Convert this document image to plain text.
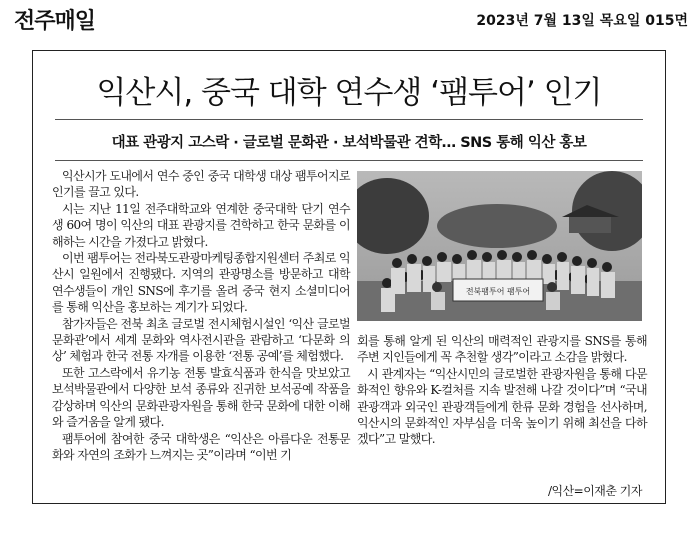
전주매일	2023년 7월 13일 목요일 015면
익산시, 중국 대학 연수생 ‘팸투어’ 인기
대표 관광지 고스락 · 글로벌 문화관 · 보석박물관 견학… SNS 통해 익산 홍보

익산시가 도내에서 연수 중인 중국 대학생 대상 팸투어지로 인기를 끌고 있다.

시는 지난 11일 전주대학교와 연계한 중국대학 단기 연수생 60여 명이 익산의 대표 관광지를 견학하고 한국 문화를 이해하는 시간을 가졌다고 밝혔다.

이번 팸투어는 전라북도관광마케팅종합지원센터 주최로 익산시 일원에서 진행됐다. 지역의 관광명소를 방문하고 대학 연수생들이 개인 SNS에 후기를 올려 중국 현지 소셜미디어를 통해 익산을 홍보하는 계기가 되었다.

참가자들은 전북 최초 글로벌 전시체험시설인 ‘익산 글로벌 문화관’에서 세계 문화와 역사전시관을 관람하고 ‘다문화 의상’ 체험과 한국 전통 자개를 이용한 ‘전통 공예’를 체험했다.

또한 고스락에서 유기농 전통 발효식품과 한식을 맛보았고 보석박물관에서 다양한 보석 종류와 진귀한 보석공예 작품을 감상하며 익산의 문화관광자원을 통해 한국 문화에 대한 이해와 즐거움을 알게 됐다.

팸투어에 참여한 중국 대학생은 “익산은 아름다운 전통문화와 자연의 조화가 느껴지는 곳”이라며 “이번 기

전북팸투어 팸투어

회를 통해 알게 된 익산의 매력적인 관광지를 SNS를 통해 주변 지인들에게 꼭 추천할 생각”이라고 소감을 밝혔다.

시 관계자는 “익산시민의 글로벌한 관광자원을 통해 다문화적인 향유와 K-컬처를 지속 발전해 나갈 것이다”며 “국내 관광객과 외국인 관광객들에게 한류 문화 경험을 선사하며, 익산시의 문화적인 자부심을 더욱 높이기 위해 최선을 다하겠다”고 말했다.

/익산=이재춘 기자
